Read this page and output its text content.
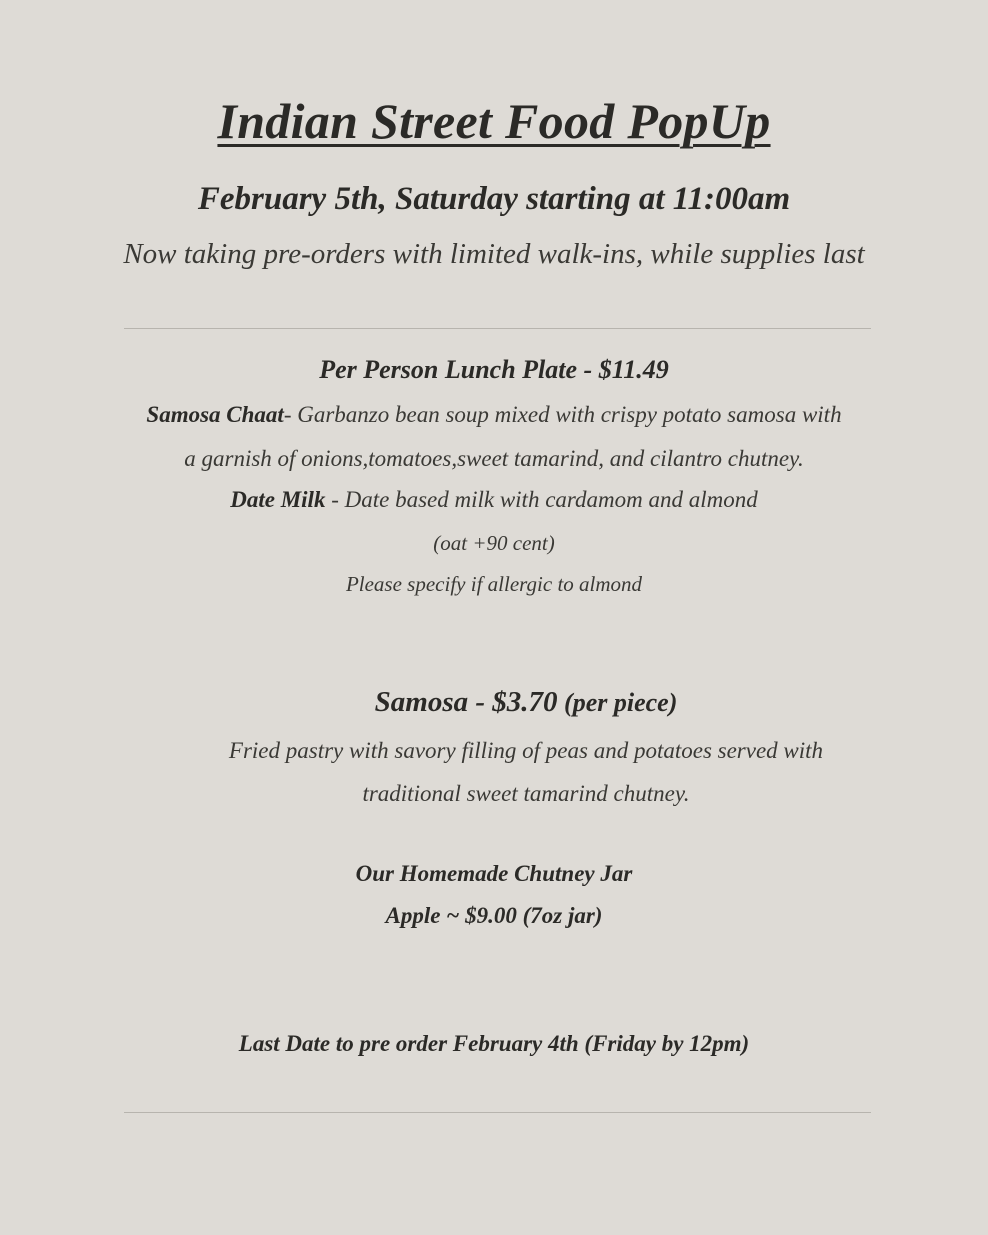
Indian Street Food PopUp
February 5th, Saturday starting at 11:00am
Now taking pre-orders with limited walk-ins, while supplies last
Per Person Lunch Plate - $11.49
Samosa Chaat- Garbanzo bean soup mixed with crispy potato samosa with
a garnish of onions,tomatoes,sweet tamarind, and cilantro chutney.
Date Milk - Date based milk with cardamom and almond
(oat +90 cent)
Please specify if allergic to almond
Samosa - $3.70 (per piece)
Fried pastry with savory filling of peas and potatoes served with
traditional sweet tamarind chutney.
Our Homemade Chutney Jar
Apple ~ $9.00 (7oz jar)
Last Date to pre order February 4th (Friday by 12pm)
